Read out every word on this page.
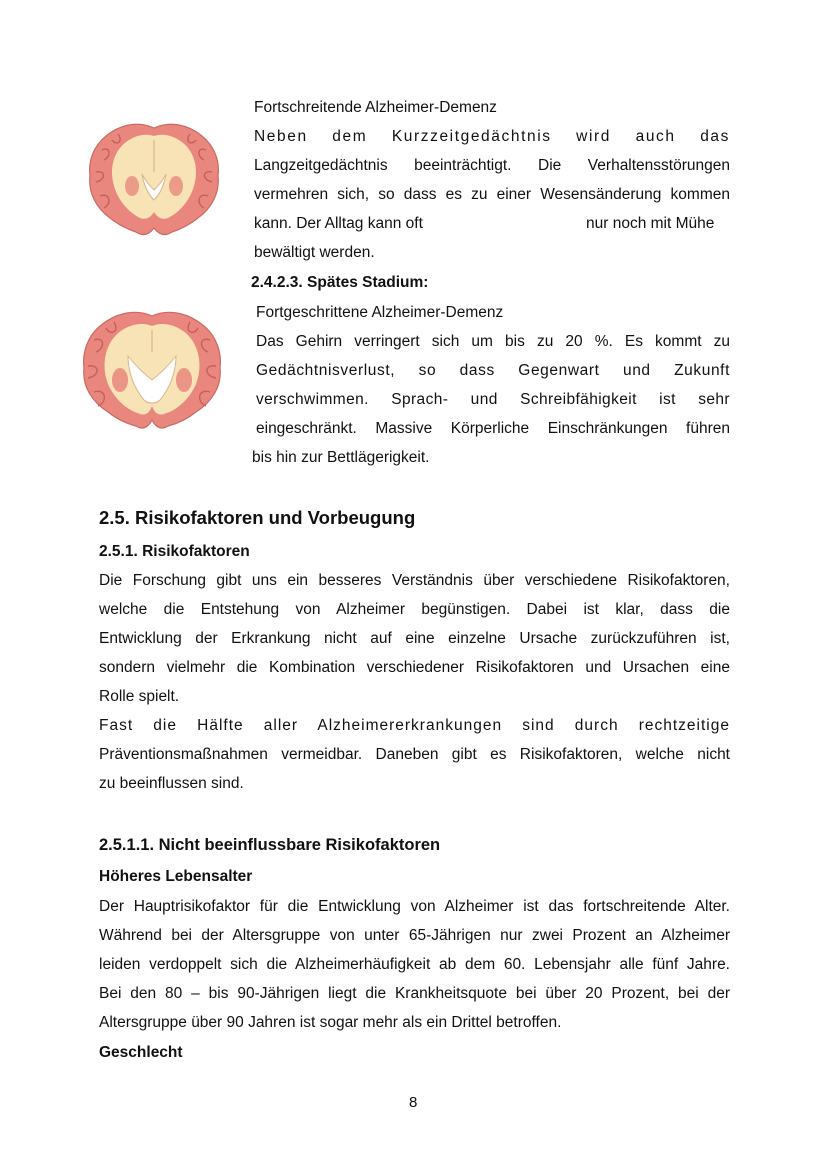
Fortschreitende Alzheimer-Demenz
Neben dem Kurzzeitgedächtnis wird auch das
Langzeitgedächtnis beeinträchtigt. Die Verhaltensstörungen
vermehren sich, so dass es zu einer Wesensänderung kommen
kann. Der Alltag kann oft	nur noch mit Mühe
bewältigt werden.
2.4.2.3. Spätes Stadium:
Fortgeschrittene Alzheimer-Demenz
Das Gehirn verringert sich um bis zu 20 %. Es kommt zu
Gedächtnisverlust, so dass Gegenwart und Zukunft
verschwimmen. Sprach- und Schreibfähigkeit ist sehr
eingeschränkt. Massive Körperliche Einschränkungen führen
bis hin zur Bettlägerigkeit.
2.5. Risikofaktoren und Vorbeugung
2.5.1. Risikofaktoren
Die Forschung gibt uns ein besseres Verständnis über verschiedene Risikofaktoren,
welche die Entstehung von Alzheimer begünstigen. Dabei ist klar, dass die
Entwicklung der Erkrankung nicht auf eine einzelne Ursache zurückzuführen ist,
sondern vielmehr die Kombination verschiedener Risikofaktoren und Ursachen eine
Rolle spielt.
Fast die Hälfte aller Alzheimererkrankungen sind durch rechtzeitige
Präventionsmaßnahmen vermeidbar. Daneben gibt es Risikofaktoren, welche nicht
zu beeinflussen sind.
2.5.1.1. Nicht beeinflussbare Risikofaktoren
Höheres Lebensalter
Der Hauptrisikofaktor für die Entwicklung von Alzheimer ist das fortschreitende Alter.
Während bei der Altersgruppe von unter 65-Jährigen nur zwei Prozent an Alzheimer
leiden verdoppelt sich die Alzheimerhäufigkeit ab dem 60. Lebensjahr alle fünf Jahre.
Bei den 80 – bis 90-Jährigen liegt die Krankheitsquote bei über 20 Prozent, bei der
Altersgruppe über 90 Jahren ist sogar mehr als ein Drittel betroffen.
Geschlecht
8
